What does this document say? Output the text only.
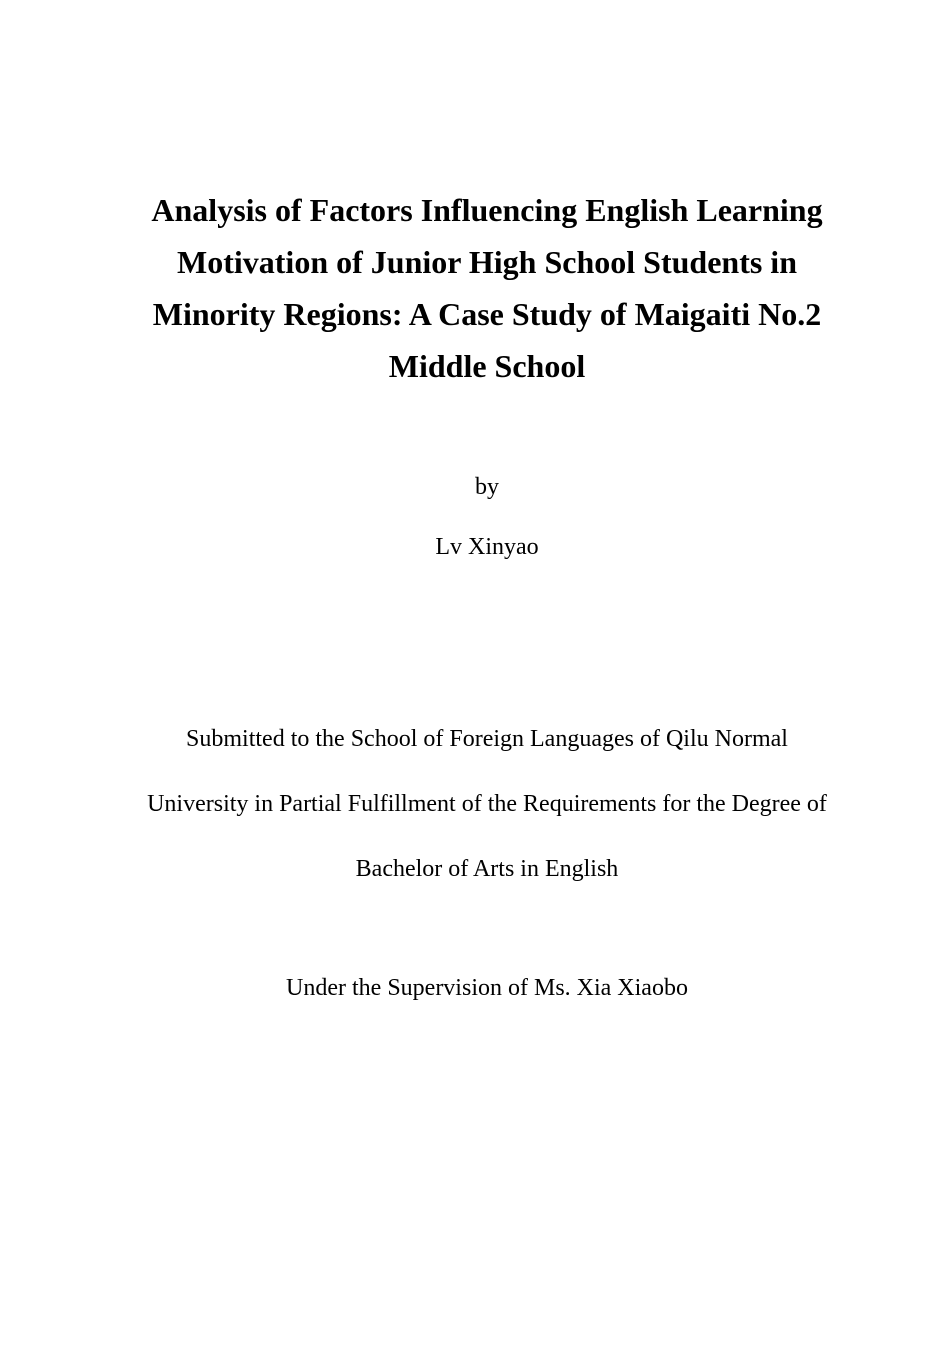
Analysis of Factors Influencing English Learning
Motivation of Junior High School Students in
Minority Regions: A Case Study of Maigaiti No.2
Middle School
by
Lv Xinyao
Submitted to the School of Foreign Languages of Qilu Normal
University in Partial Fulfillment of the Requirements for the Degree of
Bachelor of Arts in English
Under the Supervision of Ms. Xia Xiaobo
